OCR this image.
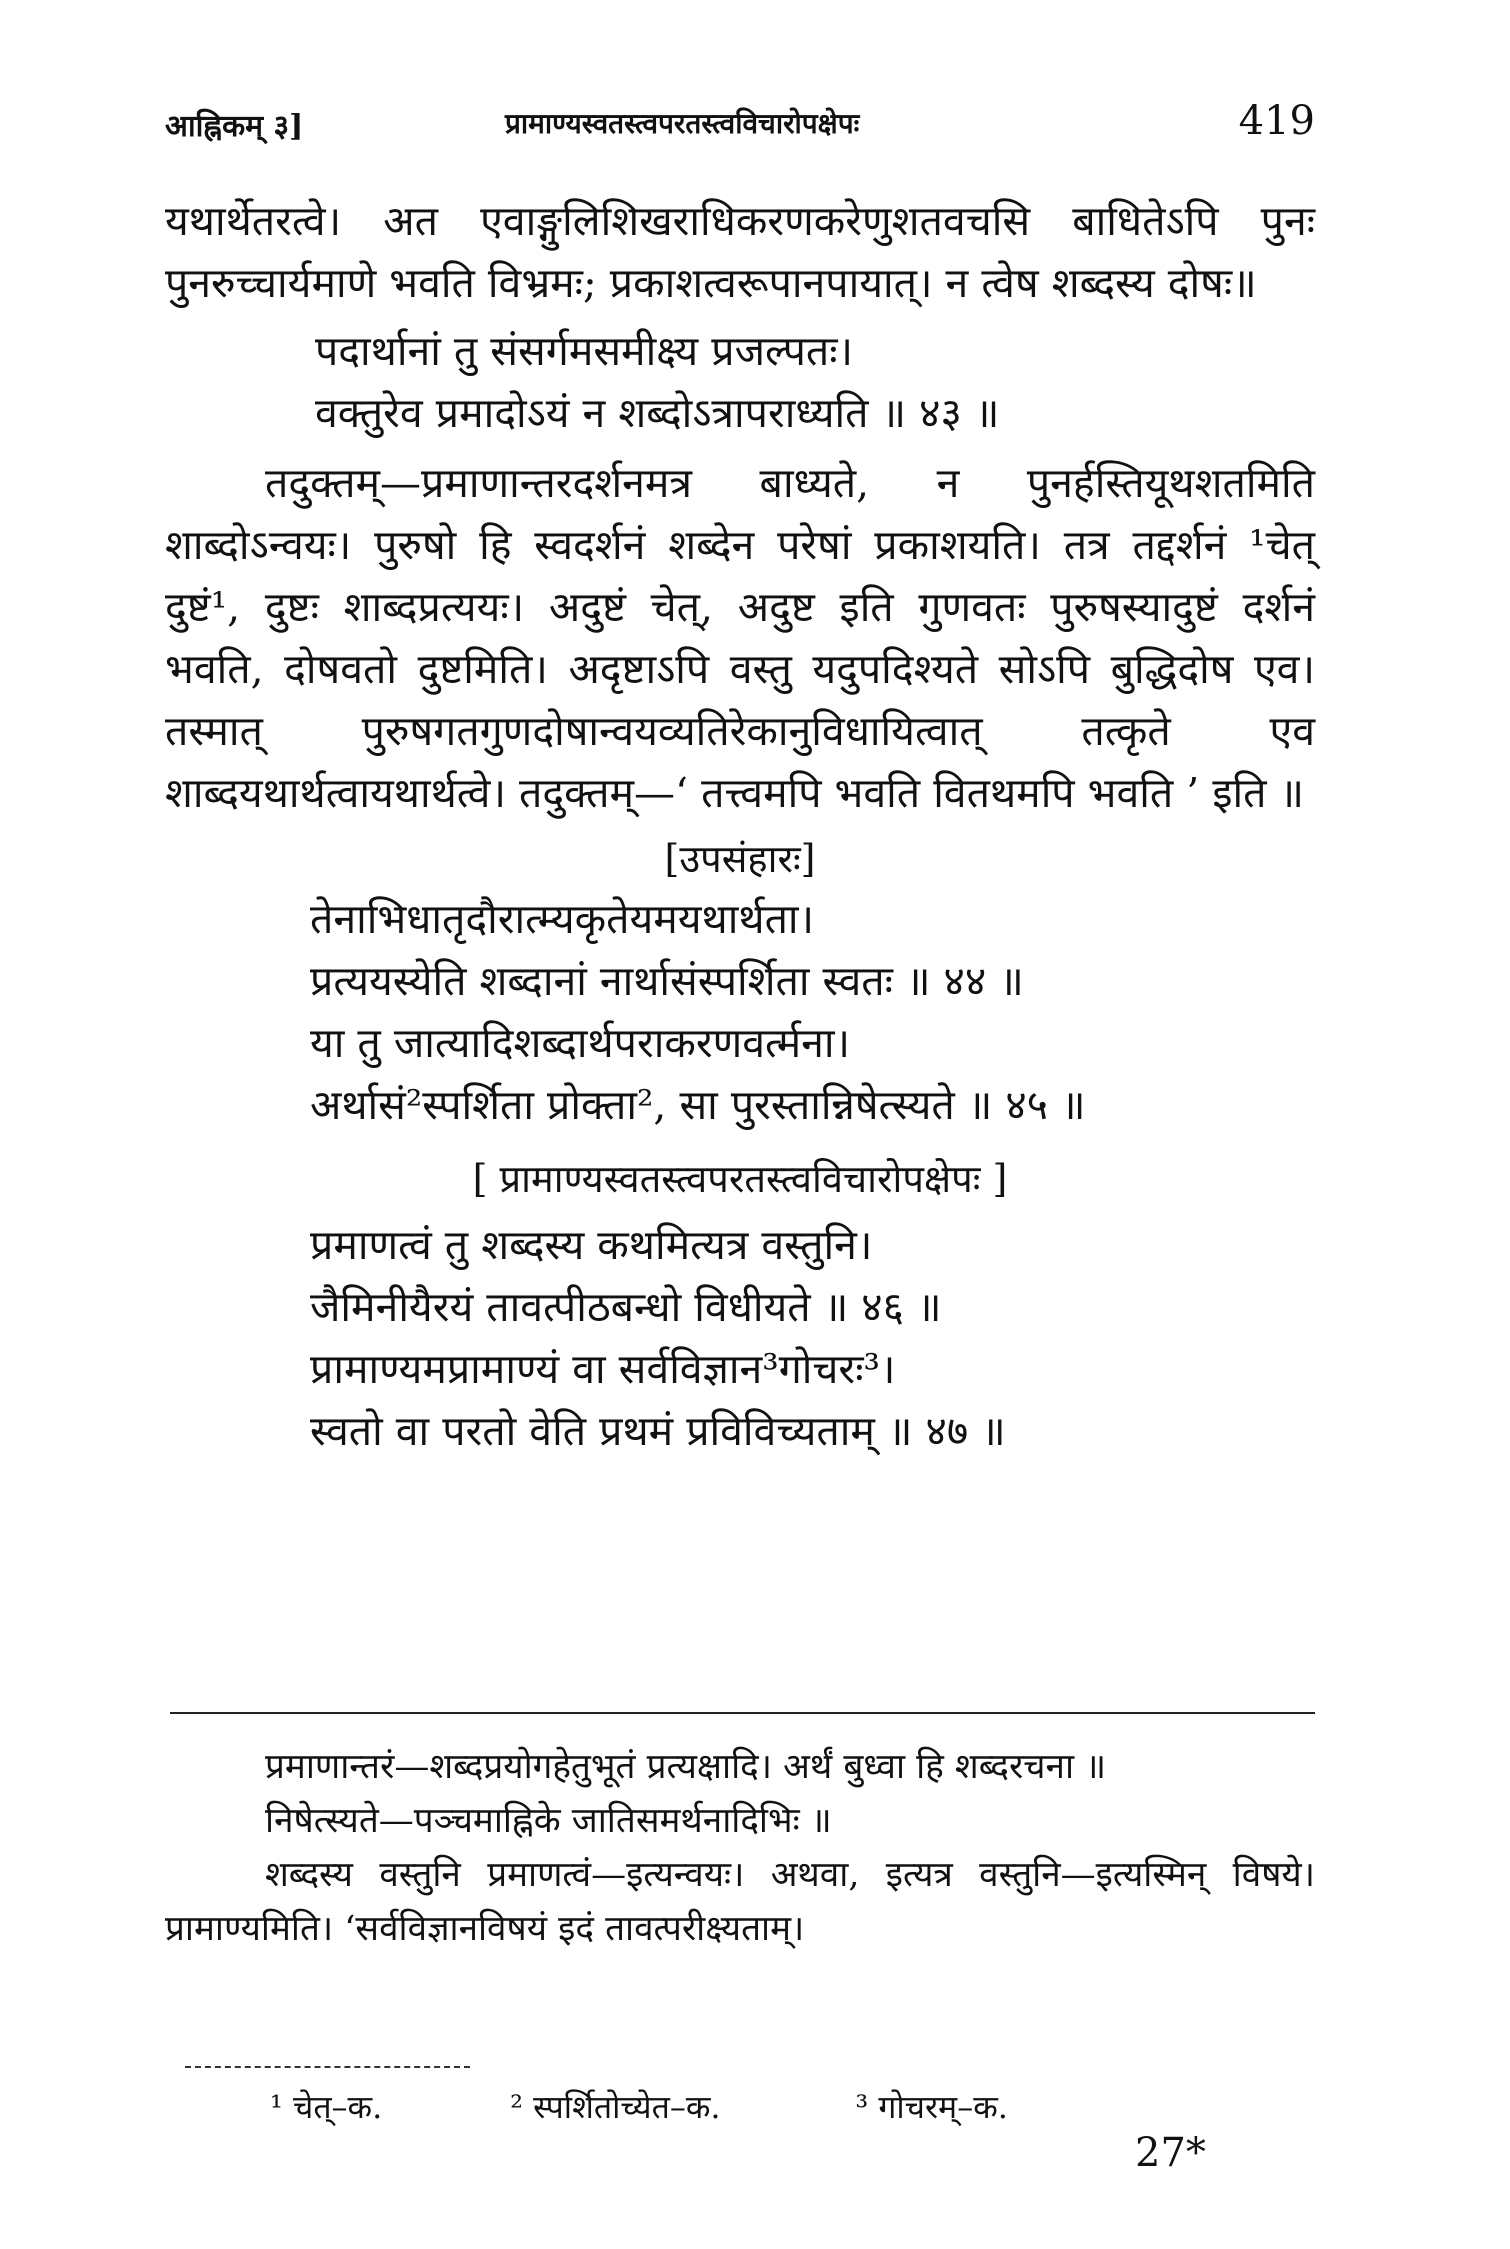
आह्निकम् ३]	प्रामाण्यस्वतस्त्वपरतस्त्वविचारोपक्षेपः	419

यथार्थेतरत्वे। अत एवाङ्गुलिशिखराधिकरणकरेणुशतवचसि बाधितेऽपि पुनः पुनरुच्चार्यमाणे भवति विभ्रमः; प्रकाशत्वरूपानपायात्। न त्वेष शब्दस्य दोषः॥

पदार्थानां तु संसर्गमसमीक्ष्य प्रजल्पतः।
वक्तुरेव प्रमादोऽयं न शब्दोऽत्रापराध्यति ॥ ४३ ॥

तदुक्तम्—प्रमाणान्तरदर्शनमत्र बाध्यते, न पुनर्हस्तियूथशतमिति शाब्दोऽन्वयः। पुरुषो हि स्वदर्शनं शब्देन परेषां प्रकाशयति। तत्र तद्दर्शनं ¹चेत् दुष्टं¹, दुष्टः शाब्दप्रत्ययः। अदुष्टं चेत्, अदुष्ट इति गुणवतः पुरुषस्यादुष्टं दर्शनं भवति, दोषवतो दुष्टमिति। अदृष्टाऽपि वस्तु यदुपदिश्यते सोऽपि बुद्धिदोष एव। तस्मात् पुरुषगतगुणदोषान्वयव्यतिरेकानुविधायित्वात् तत्कृते एव शाब्दयथार्थत्वायथार्थत्वे। तदुक्तम्—‘ तत्त्वमपि भवति वितथमपि भवति ’ इति ॥

[उपसंहारः]

तेनाभिधातृदौरात्म्यकृतेयमयथार्थता।
प्रत्ययस्येति शब्दानां नार्थासंस्पर्शिता स्वतः ॥ ४४ ॥
या तु जात्यादिशब्दार्थपराकरणवर्त्मना।
अर्थासं²स्पर्शिता प्रोक्ता², सा पुरस्तान्निषेत्स्यते ॥ ४५ ॥

[ प्रामाण्यस्वतस्त्वपरतस्त्वविचारोपक्षेपः ]

प्रमाणत्वं तु शब्दस्य कथमित्यत्र वस्तुनि।
जैमिनीयैरयं तावत्पीठबन्धो विधीयते ॥ ४६ ॥
प्रामाण्यमप्रामाण्यं वा सर्वविज्ञान³गोचरः³।
स्वतो वा परतो वेति प्रथमं प्रविविच्यताम् ॥ ४७ ॥

प्रमाणान्तरं—शब्दप्रयोगहेतुभूतं प्रत्यक्षादि। अर्थं बुध्वा हि शब्दरचना ॥

निषेत्स्यते—पञ्चमाह्निके जातिसमर्थनादिभिः ॥

शब्दस्य वस्तुनि प्रमाणत्वं—इत्यन्वयः। अथवा, इत्यत्र वस्तुनि—इत्यस्मिन् विषये। प्रामाण्यमिति। ‘सर्वविज्ञानविषयं इदं तावत्परीक्ष्यताम्।

¹ चेत्–क.	² स्पर्शितोच्येत–क.	³ गोचरम्–क.
27*
